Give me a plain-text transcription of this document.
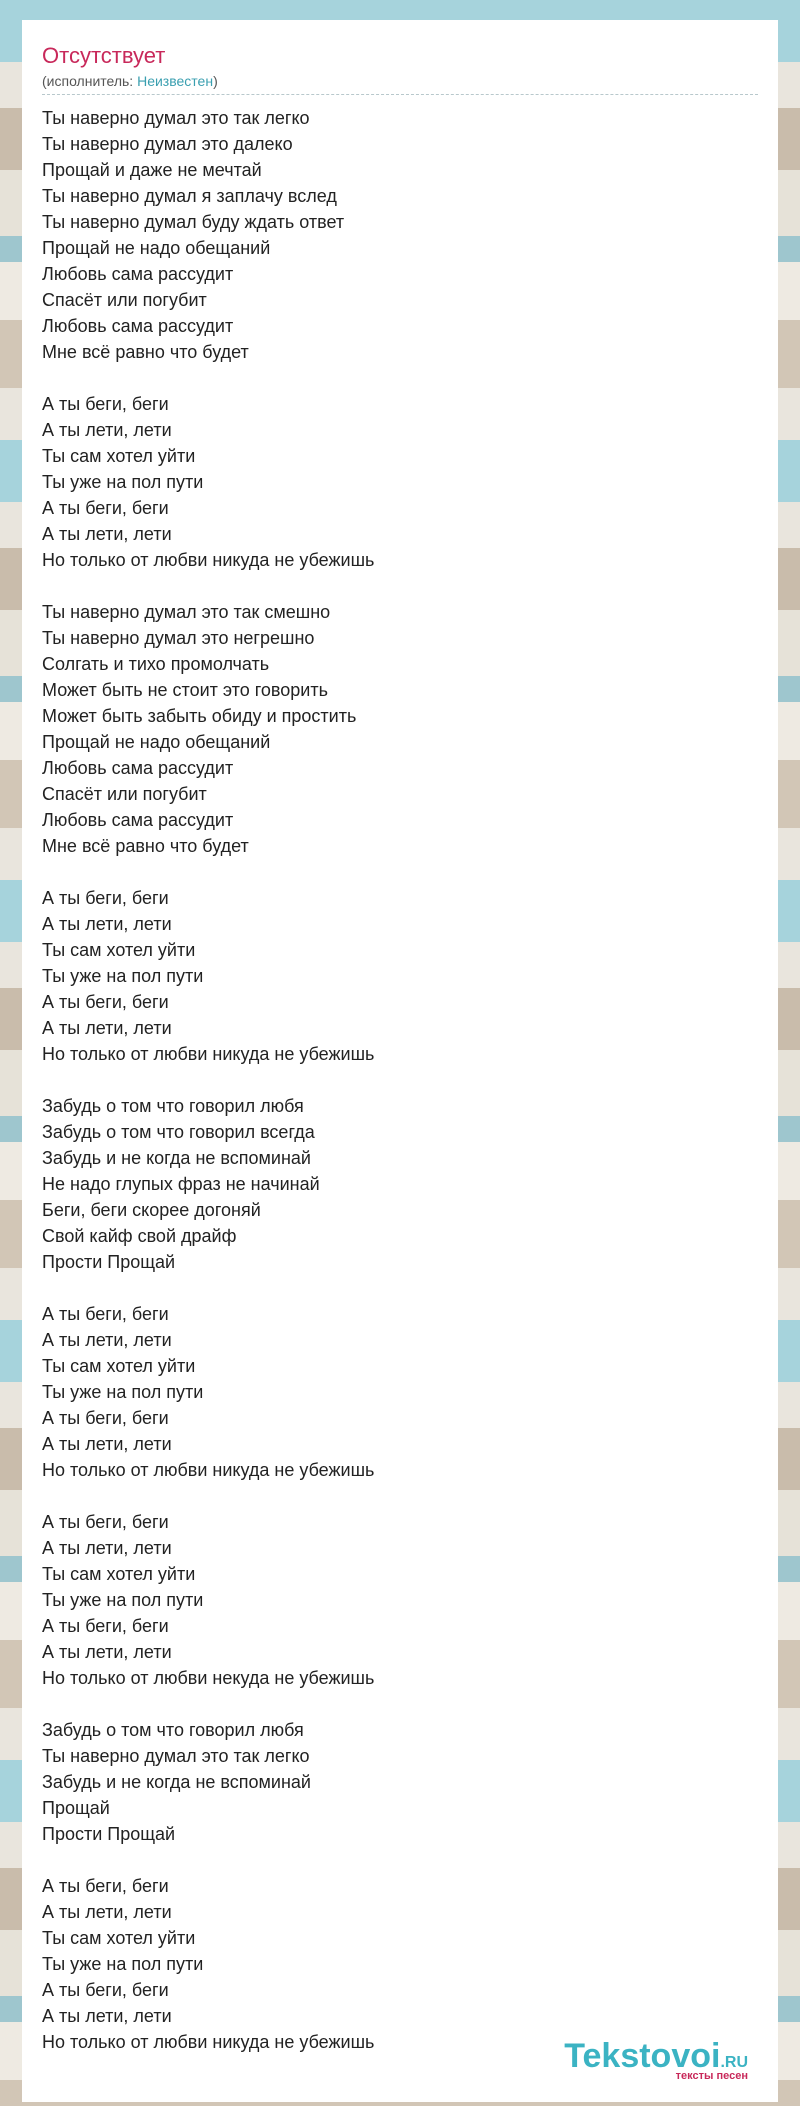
Отсутствует
(исполнитель: Неизвестен)
Ты наверно думал это так легко
Ты наверно думал это далеко
Прощай и даже не мечтай
Ты наверно думал я заплачу вслед
Ты наверно думал буду ждать ответ
Прощай не надо обещаний
Любовь сама рассудит
Спасёт или погубит
Любовь сама рассудит
Мне всё равно что будет
А ты беги, беги
А ты лети, лети
Ты сам хотел уйти
Ты уже на пол пути
А ты беги, беги
А ты лети, лети
Но только от любви никуда не убежишь
Ты наверно думал это так смешно
Ты наверно думал это негрешно
Солгать и тихо промолчать
Может быть не стоит это говорить
Может быть забыть обиду и простить
Прощай не надо обещаний
Любовь сама рассудит
Спасёт или погубит
Любовь сама рассудит
Мне всё равно что будет
А ты беги, беги
А ты лети, лети
Ты сам хотел уйти
Ты уже на пол пути
А ты беги, беги
А ты лети, лети
Но только от любви никуда не убежишь
Забудь о том что говорил любя
Забудь о том что говорил всегда
Забудь и не когда не вспоминай
Не надо глупых фраз не начинай
Беги, беги скорее догоняй
Свой кайф свой драйф
Прости Прощай
А ты беги, беги
А ты лети, лети
Ты сам хотел уйти
Ты уже на пол пути
А ты беги, беги
А ты лети, лети
Но только от любви никуда не убежишь
А ты беги, беги
А ты лети, лети
Ты сам хотел уйти
Ты уже на пол пути
А ты беги, беги
А ты лети, лети
Но только от любви некуда не убежишь
Забудь о том что говорил любя
Ты наверно думал это так легко
Забудь и не когда не вспоминай
Прощай
Прости Прощай
А ты беги, беги
А ты лети, лети
Ты сам хотел уйти
Ты уже на пол пути
А ты беги, беги
А ты лети, лети
Но только от любви никуда не убежишь	Tekstovoi.RU
тексты песен
